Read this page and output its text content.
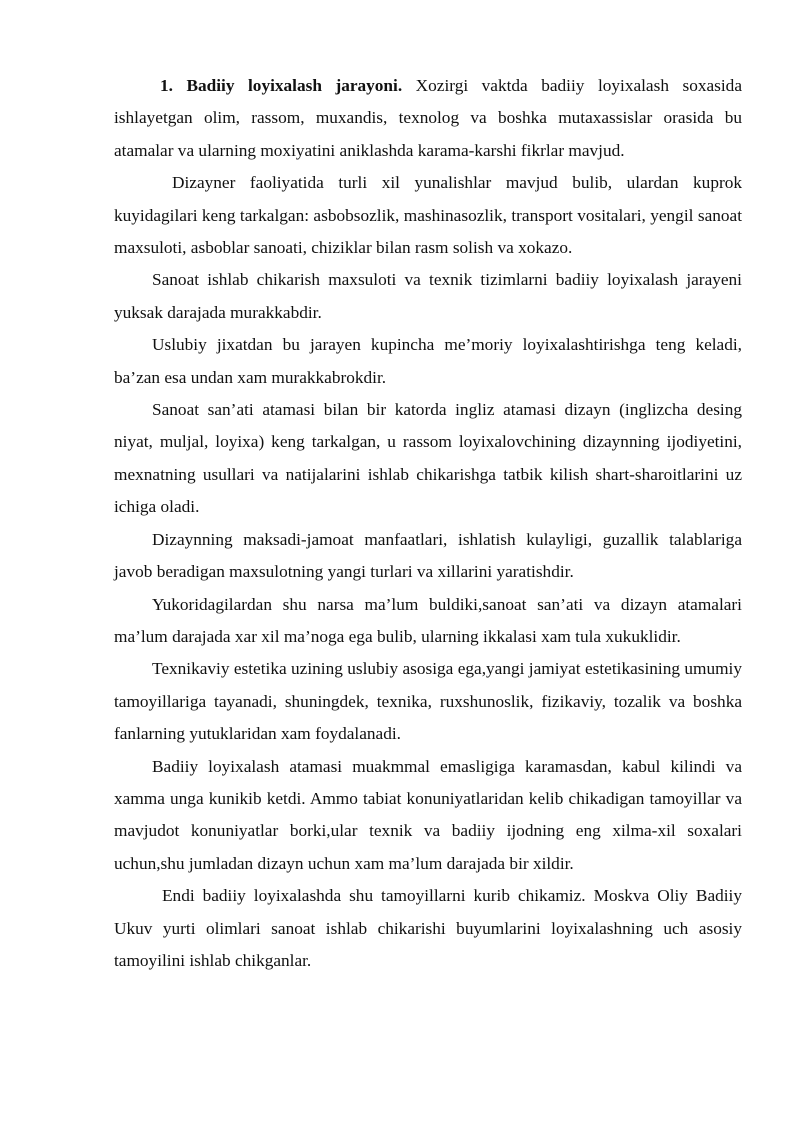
1. Badiiy loyixalash jarayoni. Xozirgi vaktda badiiy loyixalash soxasida ishlayetgan olim, rassom, muxandis, texnolog va boshka mutaxassislar orasida bu atamalar va ularning moxiyatini aniklashda karama-karshi fikrlar mavjud.

Dizayner faoliyatida turli xil yunalishlar mavjud bulib, ulardan kuprok kuyidagilari keng tarkalgan: asbobsozlik, mashinasozlik, transport vositalari, yengil sanoat maxsuloti, asboblar sanoati, chiziklar bilan rasm solish va xokazo.

Sanoat ishlab chikarish maxsuloti va texnik tizimlarni badiiy loyixalash jarayeni yuksak darajada murakkabdir.

Uslubiy jixatdan bu jarayen kupincha me’moriy loyixalashtirishga teng keladi, ba’zan esa undan xam murakkabrokdir.

Sanoat san’ati atamasi bilan bir katorda ingliz atamasi dizayn (inglizcha desing niyat, muljal, loyixa) keng tarkalgan, u rassom loyixalovchining dizaynning ijodiyetini, mexnatning usullari va natijalarini ishlab chikarishga tatbik kilish shart-sharoitlarini uz ichiga oladi.

Dizaynning maksadi-jamoat manfaatlari, ishlatish kulayligi, guzallik talablariga javob beradigan maxsulotning yangi turlari va xillarini yaratishdir.

Yukoridagilardan shu narsa ma’lum buldiki,sanoat san’ati va dizayn atamalari ma’lum darajada xar xil ma’noga ega bulib, ularning ikkalasi xam tula xukuklidir.

Texnikaviy estetika uzining uslubiy asosiga ega,yangi jamiyat estetikasining umumiy tamoyillariga tayanadi, shuningdek, texnika, ruxshunoslik, fizikaviy, tozalik va boshka fanlarning yutuklaridan xam foydalanadi.

Badiiy loyixalash atamasi muakmmal emasligiga karamasdan, kabul kilindi va xamma unga kunikib ketdi. Ammo tabiat konuniyatlaridan kelib chikadigan tamoyillar va mavjudot konuniyatlar borki,ular texnik va badiiy ijodning eng xilma-xil soxalari uchun,shu jumladan dizayn uchun xam ma’lum darajada bir xildir.

Endi badiiy loyixalashda shu tamoyillarni kurib chikamiz. Moskva Oliy Badiiy Ukuv yurti olimlari sanoat ishlab chikarishi buyumlarini loyixalashning uch asosiy tamoyilini ishlab chikganlar.
